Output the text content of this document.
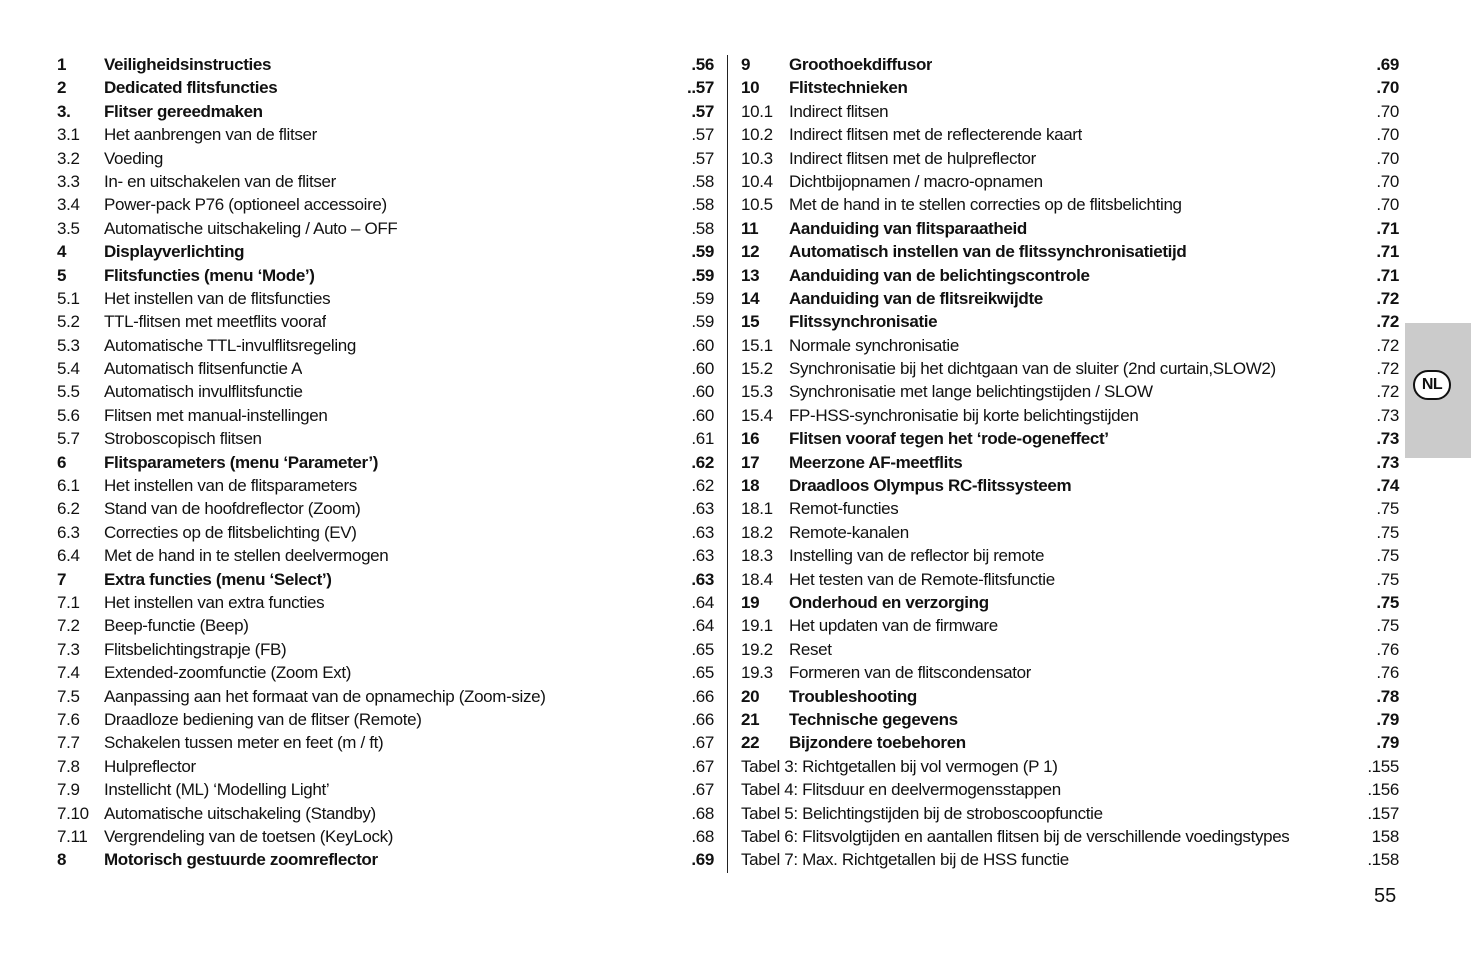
1	Veiligheidsinstructies	.56
2	Dedicated flitsfuncties	..57
3.	Flitser gereedmaken	.57
3.1	Het aanbrengen van de flitser	.57
3.2	Voeding	.57
3.3	In- en uitschakelen van de flitser	.58
3.4	Power-pack P76 (optioneel accessoire)	.58
3.5	Automatische uitschakeling / Auto – OFF	.58
4	Displayverlichting	.59
5	Flitsfuncties (menu ‘Mode’)	.59
5.1	Het instellen van de flitsfuncties	.59
5.2	TTL-flitsen met meetflits vooraf	.59
5.3	Automatische TTL-invulflitsregeling	.60
5.4	Automatisch flitsenfunctie A	.60
5.5	Automatisch invulflitsfunctie	.60
5.6	Flitsen met manual-instellingen	.60
5.7	Stroboscopisch flitsen	.61
6	Flitsparameters (menu ‘Parameter’)	.62
6.1	Het instellen van de flitsparameters	.62
6.2	Stand van de hoofdreflector (Zoom)	.63
6.3	Correcties op de flitsbelichting (EV)	.63
6.4	Met de hand in te stellen deelvermogen	.63
7	Extra functies (menu ‘Select’)	.63
7.1	Het instellen van extra functies	.64
7.2	Beep-functie (Beep)	.64
7.3	Flitsbelichtingstrapje (FB)	.65
7.4	Extended-zoomfunctie (Zoom Ext)	.65
7.5	Aanpassing aan het formaat van de opnamechip (Zoom-size)	.66
7.6	Draadloze bediening van de flitser (Remote)	.66
7.7	Schakelen tussen meter en feet (m / ft)	.67
7.8	Hulpreflector	.67
7.9	Instellicht (ML) ‘Modelling Light’	.67
7.10 Automatische uitschakeling (Standby)	.68
7.11 Vergrendeling van de toetsen (KeyLock)	.68
8	Motorisch gestuurde zoomreflector	.69
9	Groothoekdiffusor	.69
10	Flitstechnieken	.70
10.1 Indirect flitsen	.70
10.2 Indirect flitsen met de reflecterende kaart	.70
10.3 Indirect flitsen met de hulpreflector	.70
10.4 Dichtbijopnamen / macro-opnamen	.70
10.5 Met de hand in te stellen correcties op de flitsbelichting	.70
11	Aanduiding van flitsparaatheid	.71
12	Automatisch instellen van de flitssynchronisatietijd	.71
13	Aanduiding van de belichtingscontrole	.71
14	Aanduiding van de flitsreikwijdte	.72
15	Flitssynchronisatie	.72
15.1 Normale synchronisatie	.72
15.2 Synchronisatie bij het dichtgaan van de sluiter (2nd curtain,SLOW2)	.72
15.3 Synchronisatie met lange belichtingstijden / SLOW	.72
15.4 FP-HSS-synchronisatie bij korte belichtingstijden	.73
16	Flitsen vooraf tegen het ‘rode-ogeneffect’	.73
17	Meerzone AF-meetflits	.73
18	Draadloos Olympus RC-flitssysteem	.74
18.1 Remot-functies	.75
18.2 Remote-kanalen	.75
18.3 Instelling van de reflector bij remote	.75
18.4 Het testen van de Remote-flitsfunctie	.75
19	Onderhoud en verzorging	.75
19.1 Het updaten van de firmware	.75
19.2 Reset	.76
19.3 Formeren van de flitscondensator	.76
20	Troubleshooting	.78
21	Technische gegevens	.79
22	Bijzondere toebehoren	.79
Tabel 3: Richtgetallen bij vol vermogen (P 1)	.155
Tabel 4: Flitsduur en deelvermogensstappen	.156
Tabel 5: Belichtingstijden bij de stroboscoopfunctie	.157
Tabel 6: Flitsvolgtijden en aantallen flitsen bij de verschillende voedingstypes	158
Tabel 7: Max. Richtgetallen bij de HSS functie	.158
NL
55
